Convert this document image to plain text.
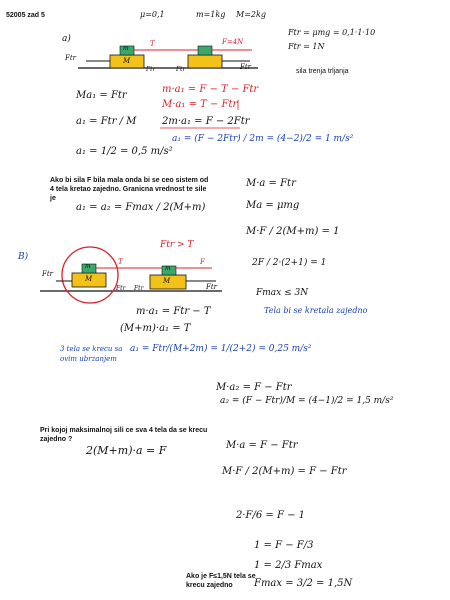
52005 zad 5	μ=0,1	m=1kg M=2kg
a)
Ftr
T	F=4N
Ftr
m
M
Ftr	Ftr
Ftr = μmg = 0,1·1·10
Ftr = 1N
sila trenja trljanja
Ma₁ = Ftr
a₁ = Ftr / M
a₁ = 1/2 = 0,5 m/s²
m·a₁ = F − T − Ftr
M·a₁ = T − Ftr
2m·a₁ = F − 2Ftr
a₁ = (F − 2Ftr) / 2m = (4−2)/2 = 1 m/s²
Ako bi sila F bila mala onda bi se ceo sistem od 4 tela kretao zajedno. Granicna vrednost te sile je
a₁ = a₂ = Fmax / 2(M+m)
M·a = Ftr
Ma = μmg
M·F / 2(M+m) = 1
2F / 2·(2+1) = 1
Fmax ≤ 3N
Tela bi se kretala zajedno
B)
Ftr > T
Ftr
m
M
T	F
Ftr
M
m
Ftr Ftr
m·a₁ = Ftr − T
(M+m)·a₁ = T
3 tela se krecu sa ovim ubrzanjem
a₁ = Ftr/(M+2m) = 1/(2+2) = 0,25 m/s²
M·a₂ = F − Ftr
a₂ = (F − Ftr)/M = (4−1)/2 = 1,5 m/s²
Pri kojoj maksimalnoj sili ce sva 4 tela da se krecu zajedno ?
2(M+m)·a = F	M·a = F − Ftr
M·F / 2(M+m) = F − Ftr
2·F/6 = F − 1
1 = F − F/3
1 = 2/3 Fmax
Fmax = 3/2 = 1,5N
Ako je F≤1,5N tela se krecu zajedno
